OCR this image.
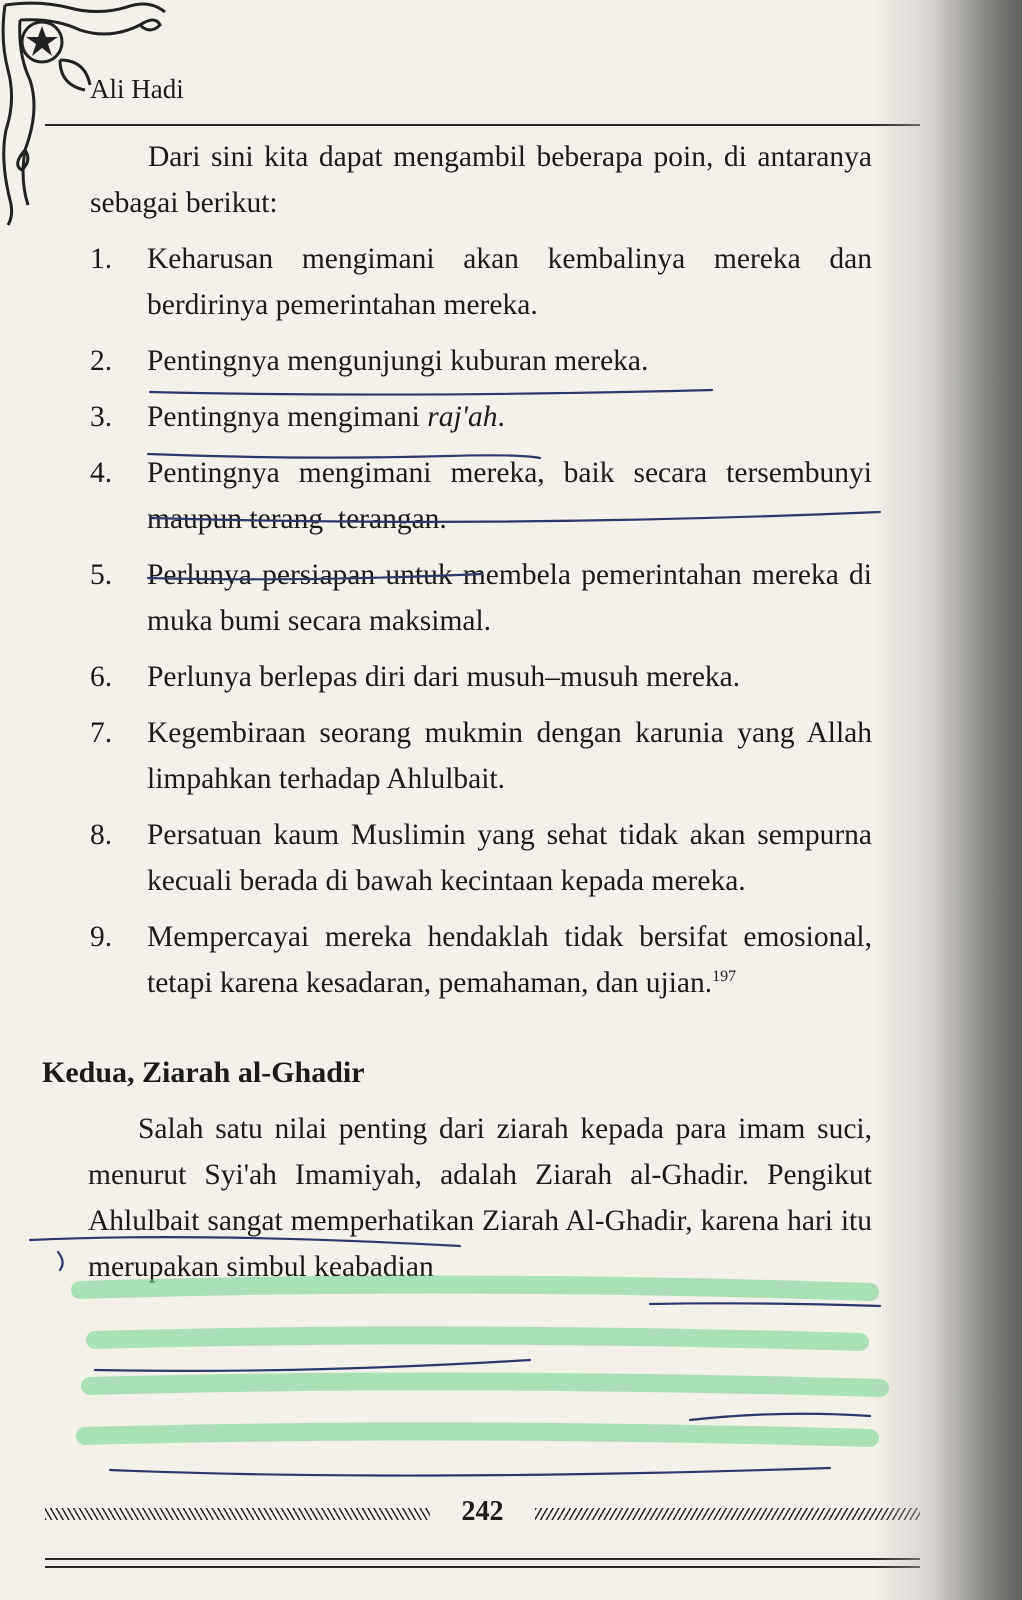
Ali Hadi

Dari sini kita dapat mengambil beberapa poin, di antaranya sebagai berikut:

1. Keharusan mengimani akan kembalinya mereka dan berdirinya pemerintahan mereka.
2. Pentingnya mengunjungi kuburan mereka.
3. Pentingnya mengimani raj'ah.
4. Pentingnya mengimani mereka, baik secara tersembunyi maupun terang–terangan.
5. Perlunya persiapan untuk membela pemerintahan mereka di muka bumi secara maksimal.
6. Perlunya berlepas diri dari musuh–musuh mereka.
7. Kegembiraan seorang mukmin dengan karunia yang Allah limpahkan terhadap Ahlulbait.
8. Persatuan kaum Muslimin yang sehat tidak akan sempurna kecuali berada di bawah kecintaan kepada mereka.
9. Mempercayai mereka hendaklah tidak bersifat emosional, tetapi karena kesadaran, pemahaman, dan ujian.$^{197}$
Kedua, Ziarah al-Ghadir

Salah satu nilai penting dari ziarah kepada para imam suci, menurut Syi'ah Imamiyah, adalah Ziarah al-Ghadir. Pengikut Ahlulbait sangat memperhatikan Ziarah Al-Ghadir, karena hari itu merupakan simbul keabadian

242
